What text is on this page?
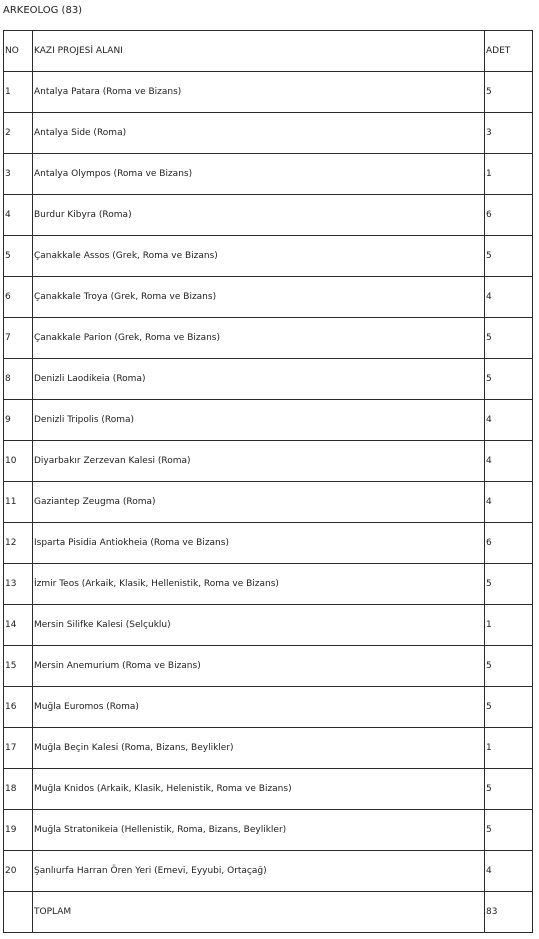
ARKEOLOG (83)
NO	KAZI PROJESİ ALANI	ADET
1	Antalya Patara (Roma ve Bizans)	5
2	Antalya Side (Roma)	3
3	Antalya Olympos (Roma ve Bizans)	1
4	Burdur Kibyra (Roma)	6
5	Çanakkale Assos (Grek, Roma ve Bizans)	5
6	Çanakkale Troya (Grek, Roma ve Bizans)	4
7	Çanakkale Parion (Grek, Roma ve Bizans)	5
8	Denizli Laodikeia (Roma)	5
9	Denizli Tripolis (Roma)	4
10	Diyarbakır Zerzevan Kalesi (Roma)	4
11	Gaziantep Zeugma (Roma)	4
12	Isparta Pisidia Antiokheia (Roma ve Bizans)	6
13	İzmir Teos (Arkaik, Klasik, Hellenistik, Roma ve Bizans)	5
14	Mersin Silifke Kalesi (Selçuklu)	1
15	Mersin Anemurium (Roma ve Bizans)	5
16	Muğla Euromos (Roma)	5
17	Muğla Beçin Kalesi (Roma, Bizans, Beylikler)	1
18	Muğla Knidos (Arkaik, Klasik, Helenistik, Roma ve Bizans)	5
19	Muğla Stratonikeia (Hellenistik, Roma, Bizans, Beylikler)	5
20	Şanlıurfa Harran Ören Yeri (Emevi, Eyyubi, Ortaçağ)	4
	TOPLAM	83
